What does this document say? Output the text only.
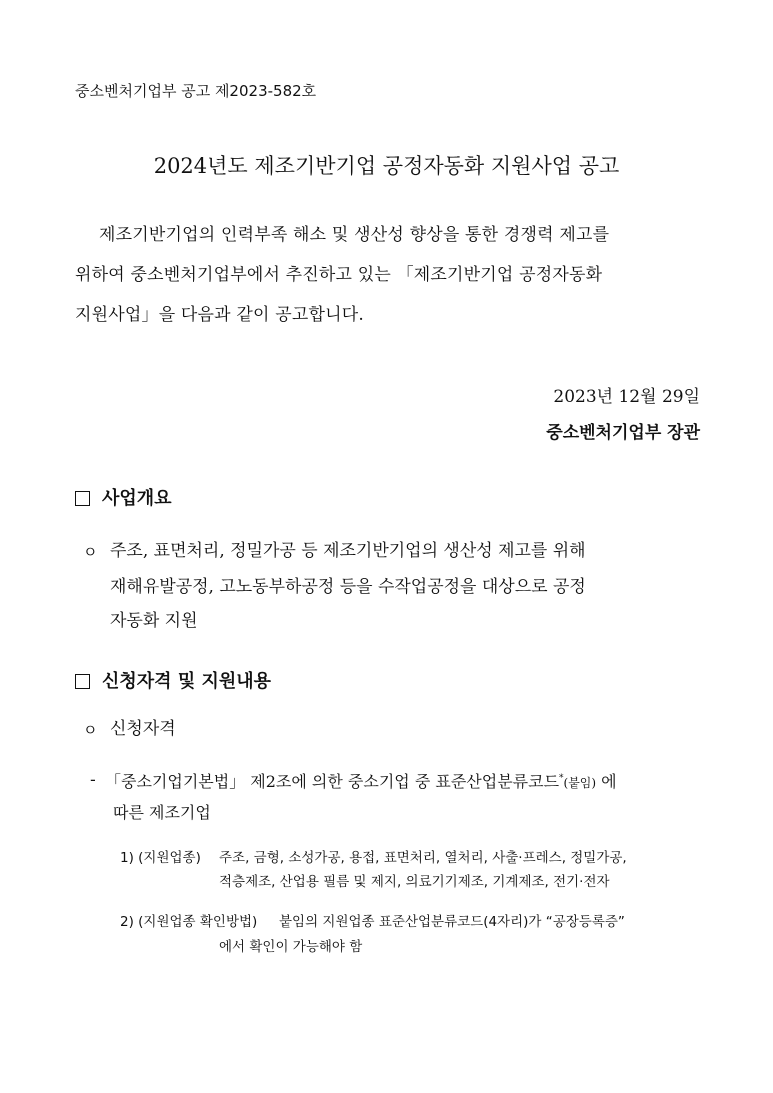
중소벤처기업부 공고 제2023-582호
2024년도 제조기반기업 공정자동화 지원사업 공고
제조기반기업의 인력부족 해소 및 생산성 향상을 통한 경쟁력 제고를
위하여 중소벤처기업부에서 추진하고 있는 「제조기반기업 공정자동화
지원사업」을 다음과 같이 공고합니다.
2023년 12월 29일
중소벤처기업부 장관
사업개요
ㅇ 주조, 표면처리, 정밀가공 등 제조기반기업의 생산성 제고를 위해
재해유발공정, 고노동부하공정 등을 수작업공정을 대상으로 공정
자동화 지원
신청자격 및 지원내용
ㅇ 신청자격
- 「중소기업기본법」 제2조에 의한 중소기업 중 표준산업분류코드*(붙임) 에
따른 제조기업
1) (지원업종) 주조, 금형, 소성가공, 용접, 표면처리, 열처리, 사출·프레스, 정밀가공,
적층제조, 산업용 필름 및 제지, 의료기기제조, 기계제조, 전기·전자
2) (지원업종 확인방법) 붙임의 지원업종 표준산업분류코드(4자리)가 “공장등록증”
에서 확인이 가능해야 함
